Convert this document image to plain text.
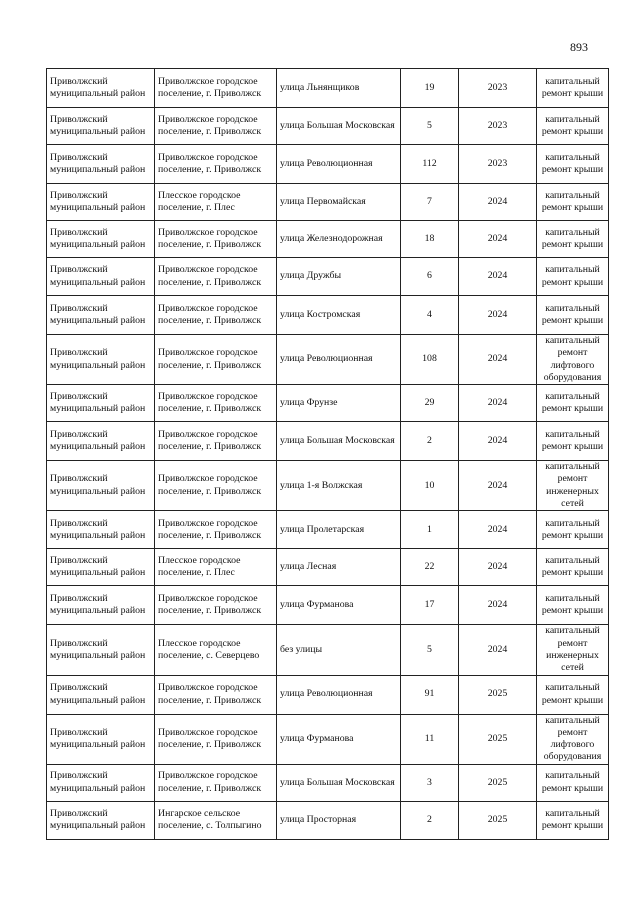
893
Приволжский муниципальный район	Приволжское городское поселение, г. Приволжск	улица Льнянщиков	19	2023	капитальный ремонт крыши

Приволжский муниципальный район	Приволжское городское поселение, г. Приволжск	улица Большая Московская	5	2023	капитальный ремонт крыши

Приволжский муниципальный район	Приволжское городское поселение, г. Приволжск	улица Революционная	112	2023	капитальный ремонт крыши

Приволжский муниципальный район	Плесское городское поселение, г. Плес	улица Первомайская	7	2024	капитальный ремонт крыши

Приволжский муниципальный район	Приволжское городское поселение, г. Приволжск	улица Железнодорожная	18	2024	капитальный ремонт крыши

Приволжский муниципальный район	Приволжское городское поселение, г. Приволжск	улица Дружбы	6	2024	капитальный ремонт крыши

Приволжский муниципальный район	Приволжское городское поселение, г. Приволжск	улица Костромская	4	2024	капитальный ремонт крыши

Приволжский муниципальный район	Приволжское городское поселение, г. Приволжск	улица Революционная	108	2024	капитальный ремонт лифтового оборудования

Приволжский муниципальный район	Приволжское городское поселение, г. Приволжск	улица Фрунзе	29	2024	капитальный ремонт крыши

Приволжский муниципальный район	Приволжское городское поселение, г. Приволжск	улица Большая Московская	2	2024	капитальный ремонт крыши

Приволжский муниципальный район	Приволжское городское поселение, г. Приволжск	улица 1-я Волжская	10	2024	капитальный ремонт инженерных сетей

Приволжский муниципальный район	Приволжское городское поселение, г. Приволжск	улица Пролетарская	1	2024	капитальный ремонт крыши

Приволжский муниципальный район	Плесское городское поселение, г. Плес	улица Лесная	22	2024	капитальный ремонт крыши

Приволжский муниципальный район	Приволжское городское поселение, г. Приволжск	улица Фурманова	17	2024	капитальный ремонт крыши

Приволжский муниципальный район	Плесское городское поселение, с. Северцево	без улицы	5	2024	капитальный ремонт инженерных сетей

Приволжский муниципальный район	Приволжское городское поселение, г. Приволжск	улица Революционная	91	2025	капитальный ремонт крыши

Приволжский муниципальный район	Приволжское городское поселение, г. Приволжск	улица Фурманова	11	2025	капитальный ремонт лифтового оборудования

Приволжский муниципальный район	Приволжское городское поселение, г. Приволжск	улица Большая Московская	3	2025	капитальный ремонт крыши

Приволжский муниципальный район	Ингарское сельское поселение, с. Толпыгино	улица Просторная	2	2025	капитальный ремонт крыши
